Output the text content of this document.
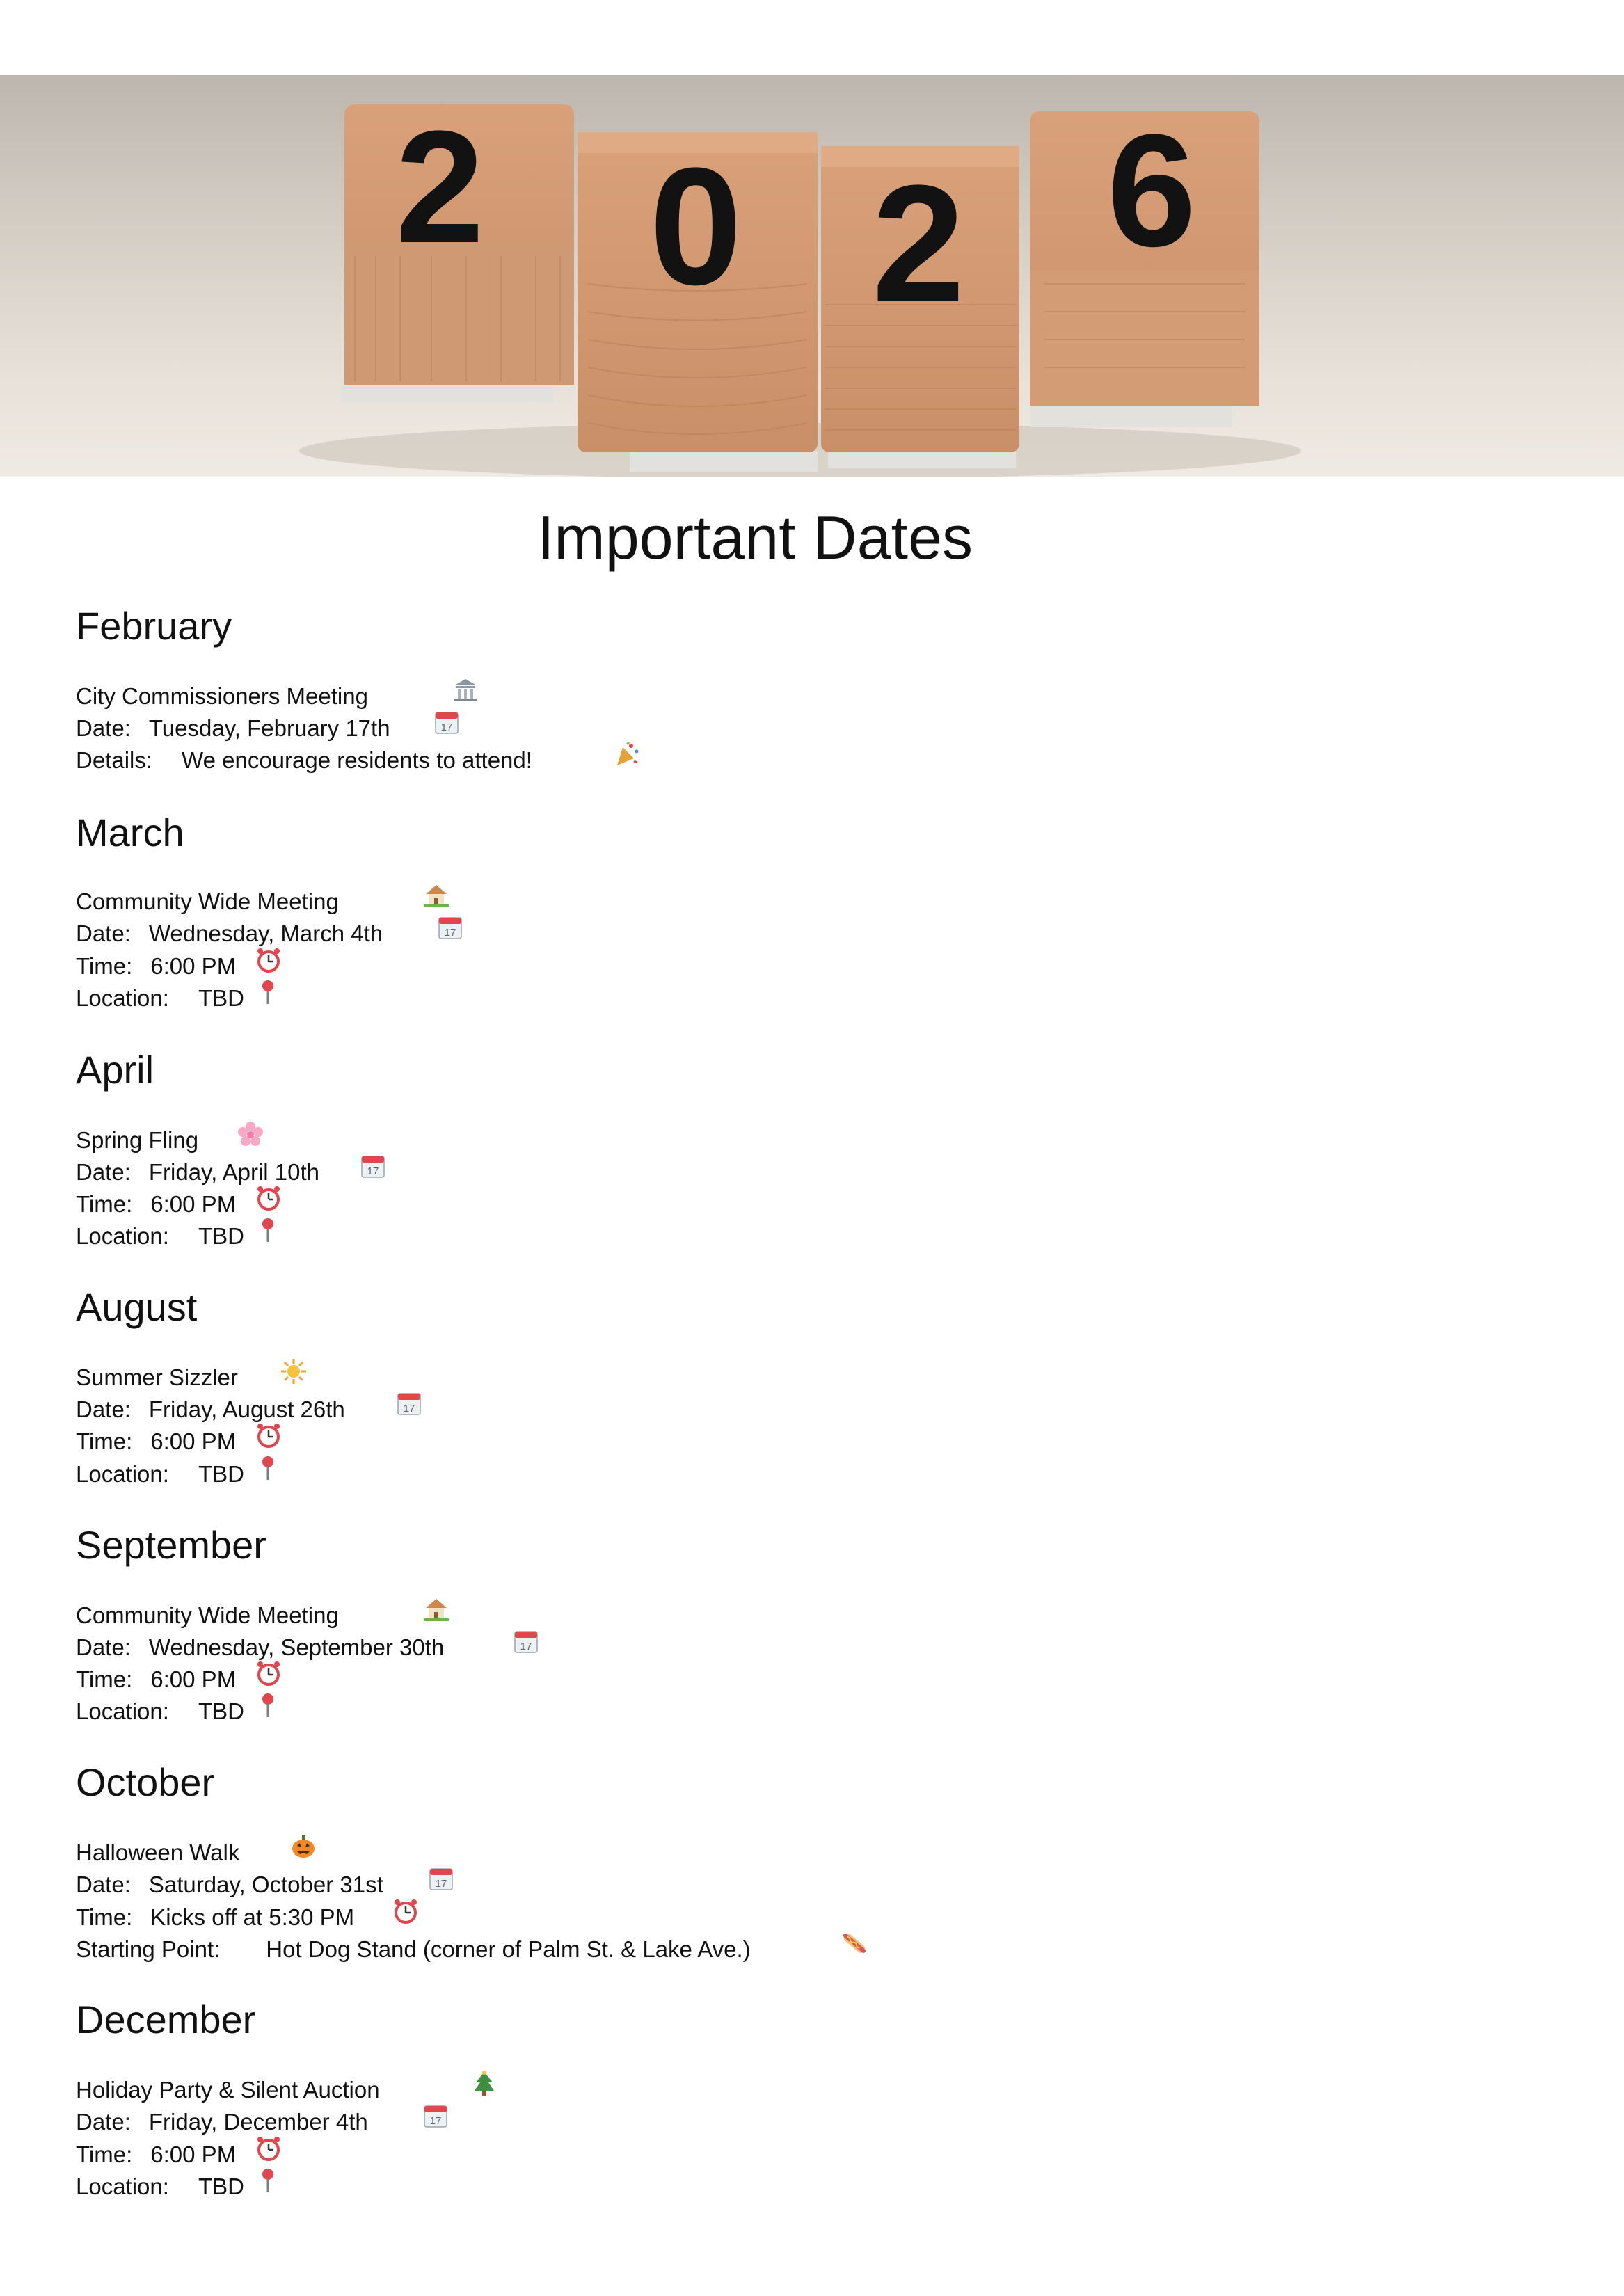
2 0 2 6
Important Dates
February
City Commissioners Meeting
Date: Tuesday, February 17th	17
Details: We encourage residents to attend!
March
Community Wide Meeting
Date: Wednesday, March 4th	17
Time: 6:00 PM
Location: TBD
April
Spring Fling
Date: Friday, April 10th	17
Time: 6:00 PM
Location: TBD
August
Summer Sizzler
Date: Friday, August 26th	17
Time: 6:00 PM
Location: TBD
September
Community Wide Meeting
Date: Wednesday, September 30th	17
Time: 6:00 PM
Location: TBD
October
Halloween Walk
Date: Saturday, October 31st	17
Time: Kicks off at 5:30 PM
Starting Point: Hot Dog Stand (corner of Palm St. & Lake Ave.)
December
Holiday Party & Silent Auction
Date: Friday, December 4th	17
Time: 6:00 PM
Location: TBD
